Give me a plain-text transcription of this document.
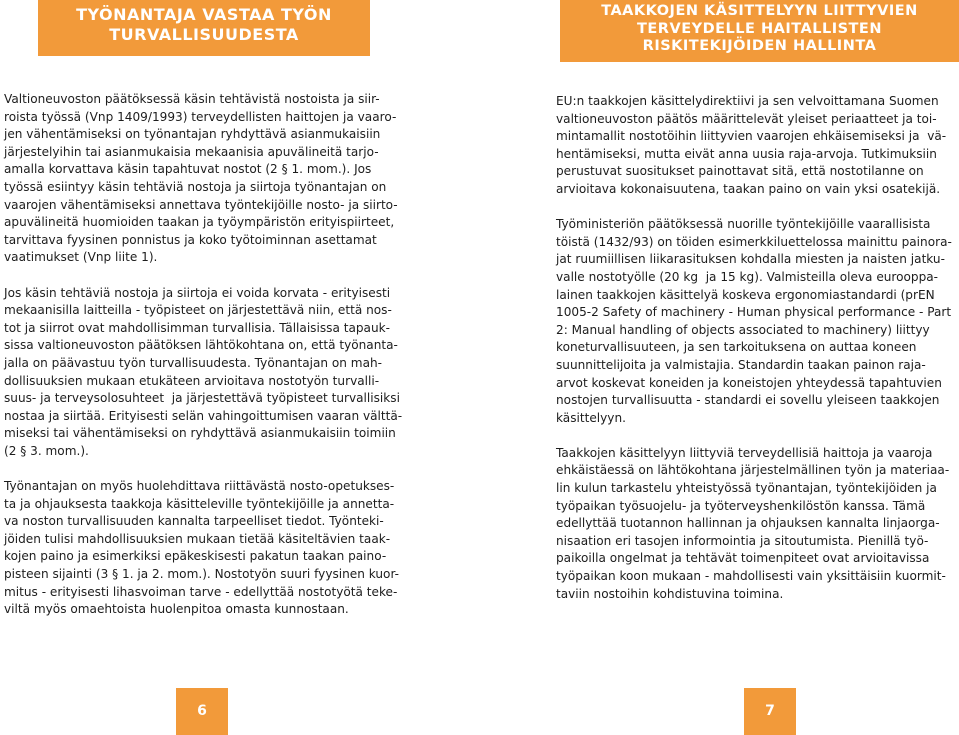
TYÖNANTAJA VASTAA TYÖN
TURVALLISUUDESTA
TAAKKOJEN KÄSITTELYYN LIITTYVIEN
TERVEYDELLE HAITALLISTEN
RISKITEKIJÖIDEN HALLINTA
Valtioneuvoston päätöksessä käsin tehtävistä nostoista ja siir-
roista työssä (Vnp 1409/1993) terveydellisten haittojen ja vaaro-
jen vähentämiseksi on työnantajan ryhdyttävä asianmukaisiin
järjestelyihin tai asianmukaisia mekaanisia apuvälineitä tarjo-
amalla korvattava käsin tapahtuvat nostot (2 § 1. mom.). Jos
työssä esiintyy käsin tehtäviä nostoja ja siirtoja työnantajan on
vaarojen vähentämiseksi annettava työntekijöille nosto- ja siirto-
apuvälineitä huomioiden taakan ja työympäristön erityispiirteet,
tarvittava fyysinen ponnistus ja koko työtoiminnan asettamat
vaatimukset (Vnp liite 1).
Jos käsin tehtäviä nostoja ja siirtoja ei voida korvata - erityisesti
mekaanisilla laitteilla - työpisteet on järjestettävä niin, että nos-
tot ja siirrot ovat mahdollisimman turvallisia. Tällaisissa tapauk-
sissa valtioneuvoston päätöksen lähtökohtana on, että työnanta-
jalla on päävastuu työn turvallisuudesta. Työnantajan on mah-
dollisuuksien mukaan etukäteen arvioitava nostotyön turvalli-
suus- ja terveysolosuhteet  ja järjestettävä työpisteet turvallisiksi
nostaa ja siirtää. Erityisesti selän vahingoittumisen vaaran välttä-
miseksi tai vähentämiseksi on ryhdyttävä asianmukaisiin toimiin
(2 § 3. mom.).
Työnantajan on myös huolehdittava riittävästä nosto-opetukses-
ta ja ohjauksesta taakkoja käsitteleville työntekijöille ja annetta-
va noston turvallisuuden kannalta tarpeelliset tiedot. Työnteki-
jöiden tulisi mahdollisuuksien mukaan tietää käsiteltävien taak-
kojen paino ja esimerkiksi epäkeskisesti pakatun taakan paino-
pisteen sijainti (3 § 1. ja 2. mom.). Nostotyön suuri fyysinen kuor-
mitus - erityisesti lihasvoiman tarve - edellyttää nostotyötä teke-
viltä myös omaehtoista huolenpitoa omasta kunnostaan.
EU:n taakkojen käsittelydirektiivi ja sen velvoittamana Suomen
valtioneuvoston päätös määrittelevät yleiset periaatteet ja toi-
mintamallit nostotöihin liittyvien vaarojen ehkäisemiseksi ja  vä-
hentämiseksi, mutta eivät anna uusia raja-arvoja. Tutkimuksiin
perustuvat suositukset painottavat sitä, että nostotilanne on
arvioitava kokonaisuutena, taakan paino on vain yksi osatekijä.
Työministeriön päätöksessä nuorille työntekijöille vaarallisista
töistä (1432/93) on töiden esimerkkiluettelossa mainittu painora-
jat ruumiillisen liikarasituksen kohdalla miesten ja naisten jatku-
valle nostotyölle (20 kg  ja 15 kg). Valmisteilla oleva eurooppa-
lainen taakkojen käsittelyä koskeva ergonomiastandardi (prEN
1005-2 Safety of machinery - Human physical performance - Part
2: Manual handling of objects associated to machinery) liittyy
koneturvallisuuteen, ja sen tarkoituksena on auttaa koneen
suunnittelijoita ja valmistajia. Standardin taakan painon raja-
arvot koskevat koneiden ja koneistojen yhteydessä tapahtuvien
nostojen turvallisuutta - standardi ei sovellu yleiseen taakkojen
käsittelyyn.
Taakkojen käsittelyyn liittyviä terveydellisiä haittoja ja vaaroja
ehkäistäessä on lähtökohtana järjestelmällinen työn ja materiaa-
lin kulun tarkastelu yhteistyössä työnantajan, työntekijöiden ja
työpaikan työsuojelu- ja työterveyshenkilöstön kanssa. Tämä
edellyttää tuotannon hallinnan ja ohjauksen kannalta linjaorga-
nisaation eri tasojen informointia ja sitoutumista. Pienillä työ-
paikoilla ongelmat ja tehtävät toimenpiteet ovat arvioitavissa
työpaikan koon mukaan - mahdollisesti vain yksittäisiin kuormit-
taviin nostoihin kohdistuvina toimina.
6	7
